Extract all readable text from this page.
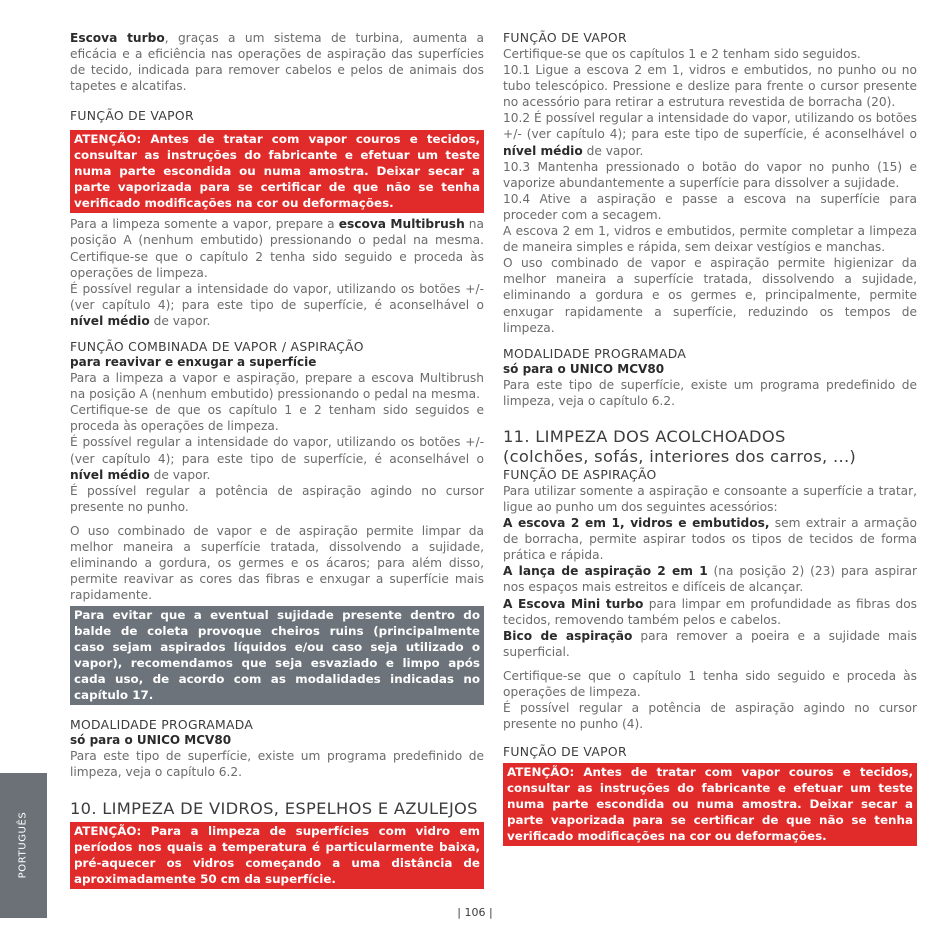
Escova turbo, graças a um sistema de turbina, aumenta a eficácia e a eficiência nas operações de aspiração das superfícies de tecido, indicada para remover cabelos e pelos de animais dos tapetes e alcatifas.

FUNÇÃO DE VAPOR
ATENÇÃO: Antes de tratar com vapor couros e tecidos, consultar as instruções do fabricante e efetuar um teste numa parte escondida ou numa amostra. Deixar secar a parte vaporizada para se certificar de que não se tenha verificado modificações na cor ou deformações.

Para a limpeza somente a vapor, prepare a escova Multibrush na posição A (nenhum embutido) pressionando o pedal na mesma. Certifique-se que o capítulo 2 tenha sido seguido e proceda às operações de limpeza.

É possível regular a intensidade do vapor, utilizando os botões +/- (ver capítulo 4); para este tipo de superfície, é aconselhável o nível médio de vapor.

FUNÇÃO COMBINADA DE VAPOR / ASPIRAÇÃO
para reavivar e enxugar a superfície

Para a limpeza a vapor e aspiração, prepare a escova Multibrush na posição A (nenhum embutido) pressionando o pedal na mesma.

Certifique-se de que os capítulo 1 e 2 tenham sido seguidos e proceda às operações de limpeza.

É possível regular a intensidade do vapor, utilizando os botões +/- (ver capítulo 4); para este tipo de superfície, é aconselhável o nível médio de vapor.

É possível regular a potência de aspiração agindo no cursor presente no punho.

O uso combinado de vapor e de aspiração permite limpar da melhor maneira a superfície tratada, dissolvendo a sujidade, eliminando a gordura, os germes e os ácaros; para além disso, permite reavivar as cores das fibras e enxugar a superfície mais rapidamente.

Para evitar que a eventual sujidade presente dentro do balde de coleta provoque cheiros ruins (principalmente caso sejam aspirados líquidos e/ou caso seja utilizado o vapor), recomendamos que seja esvaziado e limpo após cada uso, de acordo com as modalidades indicadas no capítulo 17.
MODALIDADE PROGRAMADA
só para o UNICO MCV80

Para este tipo de superfície, existe um programa predefinido de limpeza, veja o capítulo 6.2.

10. LIMPEZA DE VIDROS, ESPELHOS E AZULEJOS
ATENÇÃO: Para a limpeza de superfícies com vidro em períodos nos quais a temperatura é particularmente baixa, pré-aquecer os vidros começando a uma distância de aproximadamente 50 cm da superfície.
FUNÇÃO DE VAPOR

Certifique-se que os capítulos 1 e 2 tenham sido seguidos.

10.1 Ligue a escova 2 em 1, vidros e embutidos, no punho ou no tubo telescópico. Pressione e deslize para frente o cursor presente no acessório para retirar a estrutura revestida de borracha (20).

10.2 É possível regular a intensidade do vapor, utilizando os botões +/- (ver capítulo 4); para este tipo de superfície, é aconselhável o nível médio de vapor.

10.3 Mantenha pressionado o botão do vapor no punho (15) e vaporize abundantemente a superfície para dissolver a sujidade.

10.4 Ative a aspiração e passe a escova na superfície para proceder com a secagem.

A escova 2 em 1, vidros e embutidos, permite completar a limpeza de maneira simples e rápida, sem deixar vestígios e manchas.

O uso combinado de vapor e aspiração permite higienizar da melhor maneira a superfície tratada, dissolvendo a sujidade, eliminando a gordura e os germes e, principalmente, permite enxugar rapidamente a superfície, reduzindo os tempos de limpeza.

MODALIDADE PROGRAMADA
só para o UNICO MCV80

Para este tipo de superfície, existe um programa predefinido de limpeza, veja o capítulo 6.2.

11. LIMPEZA DOS ACOLCHOADOS
(colchões, sofás, interiores dos carros, ...)
FUNÇÃO DE ASPIRAÇÃO

Para utilizar somente a aspiração e consoante a superfície a tratar, ligue ao punho um dos seguintes acessórios:

A escova 2 em 1, vidros e embutidos, sem extrair a armação de borracha, permite aspirar todos os tipos de tecidos de forma prática e rápida.

A lança de aspiração 2 em 1 (na posição 2) (23) para aspirar nos espaços mais estreitos e difíceis de alcançar.

A Escova Mini turbo para limpar em profundidade as fibras dos tecidos, removendo também pelos e cabelos.

Bico de aspiração para remover a poeira e a sujidade mais superficial.

Certifique-se que o capítulo 1 tenha sido seguido e proceda às operações de limpeza.

É possível regular a potência de aspiração agindo no cursor presente no punho (4).

FUNÇÃO DE VAPOR
ATENÇÃO: Antes de tratar com vapor couros e tecidos, consultar as instruções do fabricante e efetuar um teste numa parte escondida ou numa amostra. Deixar secar a parte vaporizada para se certificar de que não se tenha verificado modificações na cor ou deformações.
PORTUGUÊS
| 106 |
